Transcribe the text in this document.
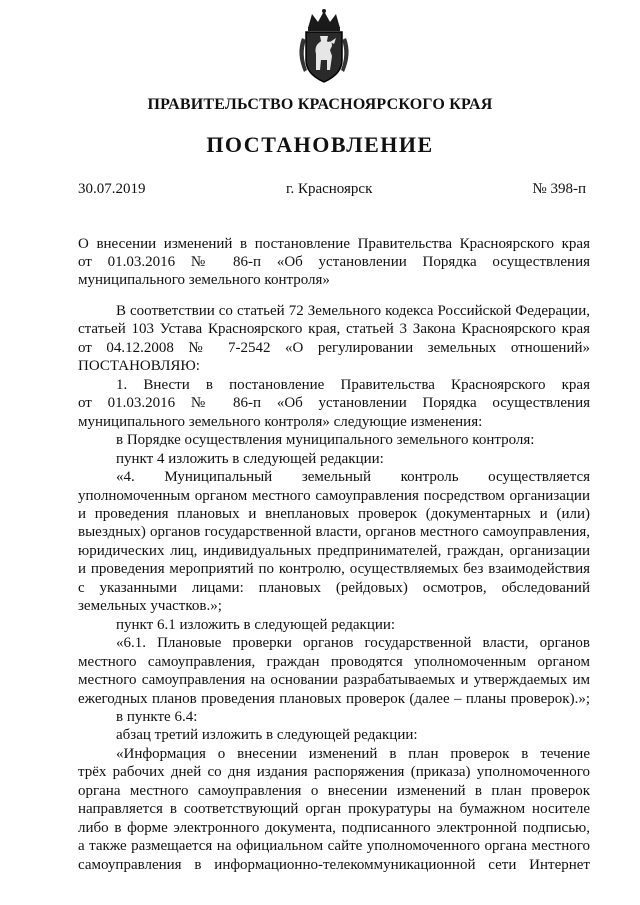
ПРАВИТЕЛЬСТВО КРАСНОЯРСКОГО КРАЯ
ПОСТАНОВЛЕНИЕ
30.07.2019	г. Красноярск	№ 398-п
О внесении изменений в постановление Правительства Красноярского края
от 01.03.2016 № 86-п «Об установлении Порядка осуществления
муниципального земельного контроля»
В соответствии со статьей 72 Земельного кодекса Российской Федерации,
статьей 103 Устава Красноярского края, статьей 3 Закона Красноярского края
от 04.12.2008 № 7-2542 «О регулировании земельных отношений»
ПОСТАНОВЛЯЮ:
1. Внести в постановление Правительства Красноярского края
от 01.03.2016 № 86-п «Об установлении Порядка осуществления
муниципального земельного контроля» следующие изменения:
в Порядке осуществления муниципального земельного контроля:
пункт 4 изложить в следующей редакции:
«4. Муниципальный земельный контроль осуществляется
уполномоченным органом местного самоуправления посредством организации
и проведения плановых и внеплановых проверок (документарных и (или)
выездных) органов государственной власти, органов местного самоуправления,
юридических лиц, индивидуальных предпринимателей, граждан, организации
и проведения мероприятий по контролю, осуществляемых без взаимодействия
с указанными лицами: плановых (рейдовых) осмотров, обследований
земельных участков.»;
пункт 6.1 изложить в следующей редакции:
«6.1. Плановые проверки органов государственной власти, органов
местного самоуправления, граждан проводятся уполномоченным органом
местного самоуправления на основании разрабатываемых и утверждаемых им
ежегодных планов проведения плановых проверок (далее – планы проверок).»;
в пункте 6.4:
абзац третий изложить в следующей редакции:
«Информация о внесении изменений в план проверок в течение
трёх рабочих дней со дня издания распоряжения (приказа) уполномоченного
органа местного самоуправления о внесении изменений в план проверок
направляется в соответствующий орган прокуратуры на бумажном носителе
либо в форме электронного документа, подписанного электронной подписью,
а также размещается на официальном сайте уполномоченного органа местного
самоуправления в информационно-телекоммуникационной сети Интернет
